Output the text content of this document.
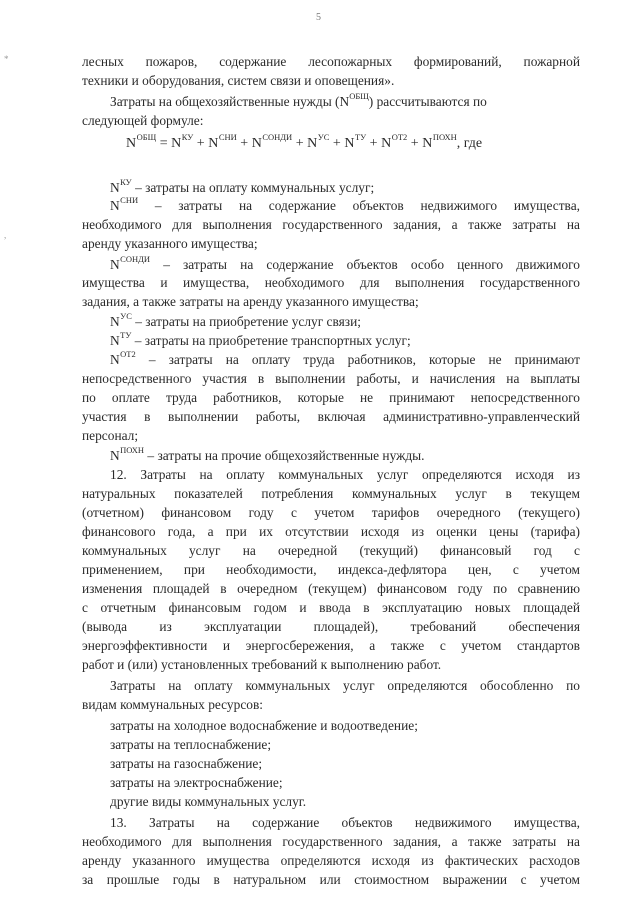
5
*
,
лесных пожаров, содержание лесопожарных формирований, пожарной
техники и оборудования, систем связи и оповещения».
Затраты на общехозяйственные нужды $(N^{ОБЩ})$ рассчитываются по
следующей формуле:
$N^{ОБЩ} = N^{КУ} + N^{СНИ} + N^{СОНДИ} + N^{УС} + N^{ТУ} + N^{ОТ2} + N^{ПОХН}$, где
$N^{КУ}$ – затраты на оплату коммунальных услуг;
$N^{СНИ}$ – затраты на содержание объектов недвижимого имущества,
необходимого для выполнения государственного задания, а также затраты на
аренду указанного имущества;
$N^{СОНДИ}$ – затраты на содержание объектов особо ценного движимого
имущества и имущества, необходимого для выполнения государственного
задания, а также затраты на аренду указанного имущества;
$N^{УС}$ – затраты на приобретение услуг связи;
$N^{ТУ}$ – затраты на приобретение транспортных услуг;
$N^{ОТ2}$ – затраты на оплату труда работников, которые не принимают
непосредственного участия в выполнении работы, и начисления на выплаты
по оплате труда работников, которые не принимают непосредственного
участия в выполнении работы, включая административно-управленческий
персонал;
$N^{ПОХН}$ – затраты на прочие общехозяйственные нужды.
12. Затраты на оплату коммунальных услуг определяются исходя из
натуральных показателей потребления коммунальных услуг в текущем
(отчетном) финансовом году с учетом тарифов очередного (текущего)
финансового года, а при их отсутствии исходя из оценки цены (тарифа)
коммунальных услуг на очередной (текущий) финансовый год с
применением, при необходимости, индекса-дефлятора цен, с учетом
изменения площадей в очередном (текущем) финансовом году по сравнению
с отчетным финансовым годом и ввода в эксплуатацию новых площадей
(вывода из эксплуатации площадей), требований обеспечения
энергоэффективности и энергосбережения, а также с учетом стандартов
работ и (или) установленных требований к выполнению работ.
Затраты на оплату коммунальных услуг определяются обособленно по
видам коммунальных ресурсов:
затраты на холодное водоснабжение и водоотведение;
затраты на теплоснабжение;
затраты на газоснабжение;
затраты на электроснабжение;
другие виды коммунальных услуг.
13. Затраты на содержание объектов недвижимого имущества,
необходимого для выполнения государственного задания, а также затраты на
аренду указанного имущества определяются исходя из фактических расходов
за прошлые годы в натуральном или стоимостном выражении с учетом
